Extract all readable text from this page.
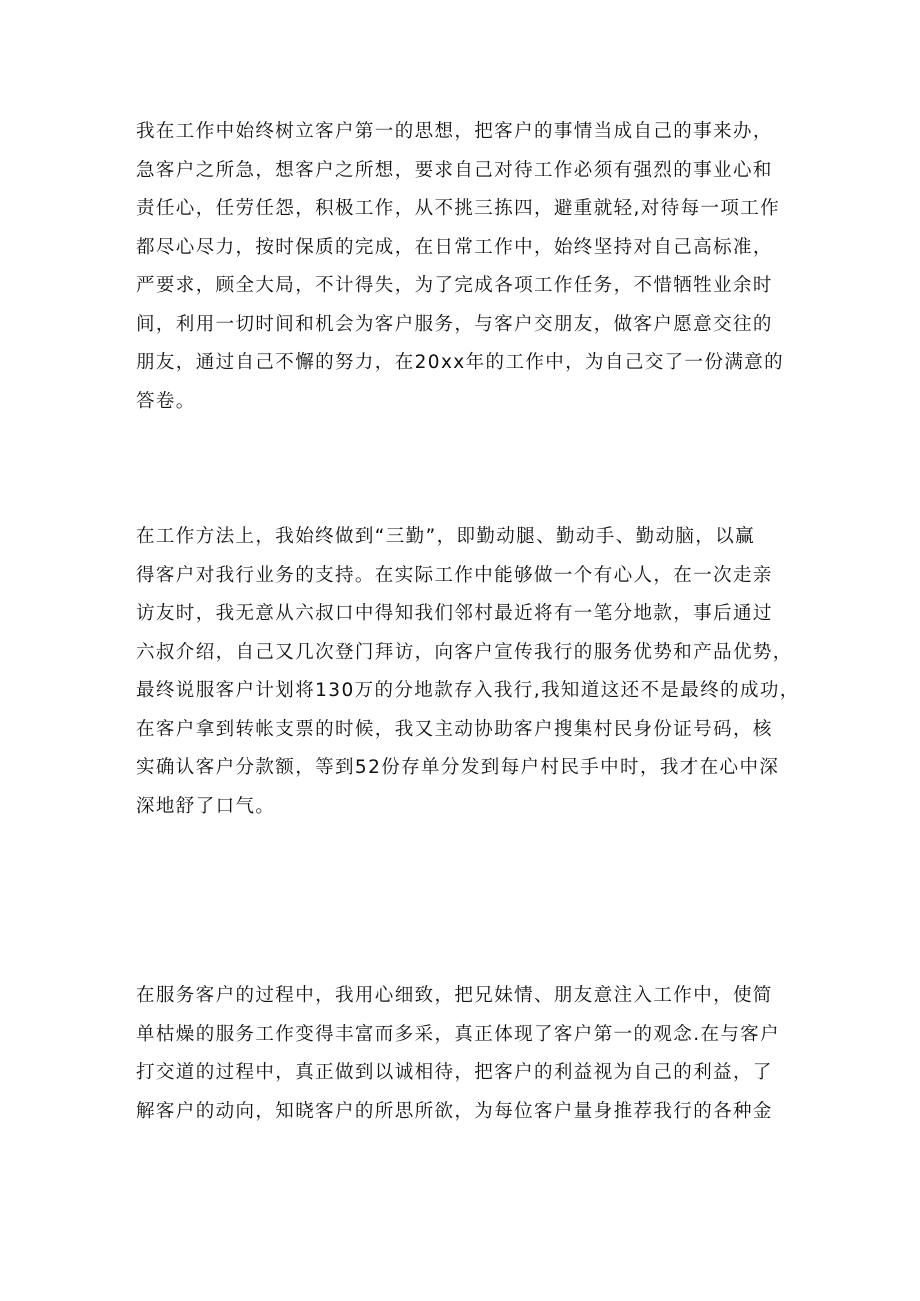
我在工作中始终树立客户第一的思想，把客户的事情当成自己的事来办，
急客户之所急，想客户之所想，要求自己对待工作必须有强烈的事业心和
责任心，任劳任怨，积极工作，从不挑三拣四，避重就轻,对待每一项工作
都尽心尽力，按时保质的完成，在日常工作中，始终坚持对自己高标准，
严要求，顾全大局，不计得失，为了完成各项工作任务，不惜牺牲业余时
间，利用一切时间和机会为客户服务，与客户交朋友，做客户愿意交往的
朋友，通过自己不懈的努力，在20xx年的工作中，为自己交了一份满意的
答卷。
在工作方法上，我始终做到“三勤”，即勤动腿、勤动手、勤动脑，以赢
得客户对我行业务的支持。在实际工作中能够做一个有心人，在一次走亲
访友时，我无意从六叔口中得知我们邻村最近将有一笔分地款，事后通过
六叔介绍，自己又几次登门拜访，向客户宣传我行的服务优势和产品优势，
最终说服客户计划将130万的分地款存入我行,我知道这还不是最终的成功，
在客户拿到转帐支票的时候，我又主动协助客户搜集村民身份证号码，核
实确认客户分款额，等到52份存单分发到每户村民手中时，我才在心中深
深地舒了口气。
在服务客户的过程中，我用心细致，把兄妹情、朋友意注入工作中，使简
单枯燥的服务工作变得丰富而多采，真正体现了客户第一的观念.在与客户
打交道的过程中，真正做到以诚相待，把客户的利益视为自己的利益，了
解客户的动向，知晓客户的所思所欲，为每位客户量身推荐我行的各种金
